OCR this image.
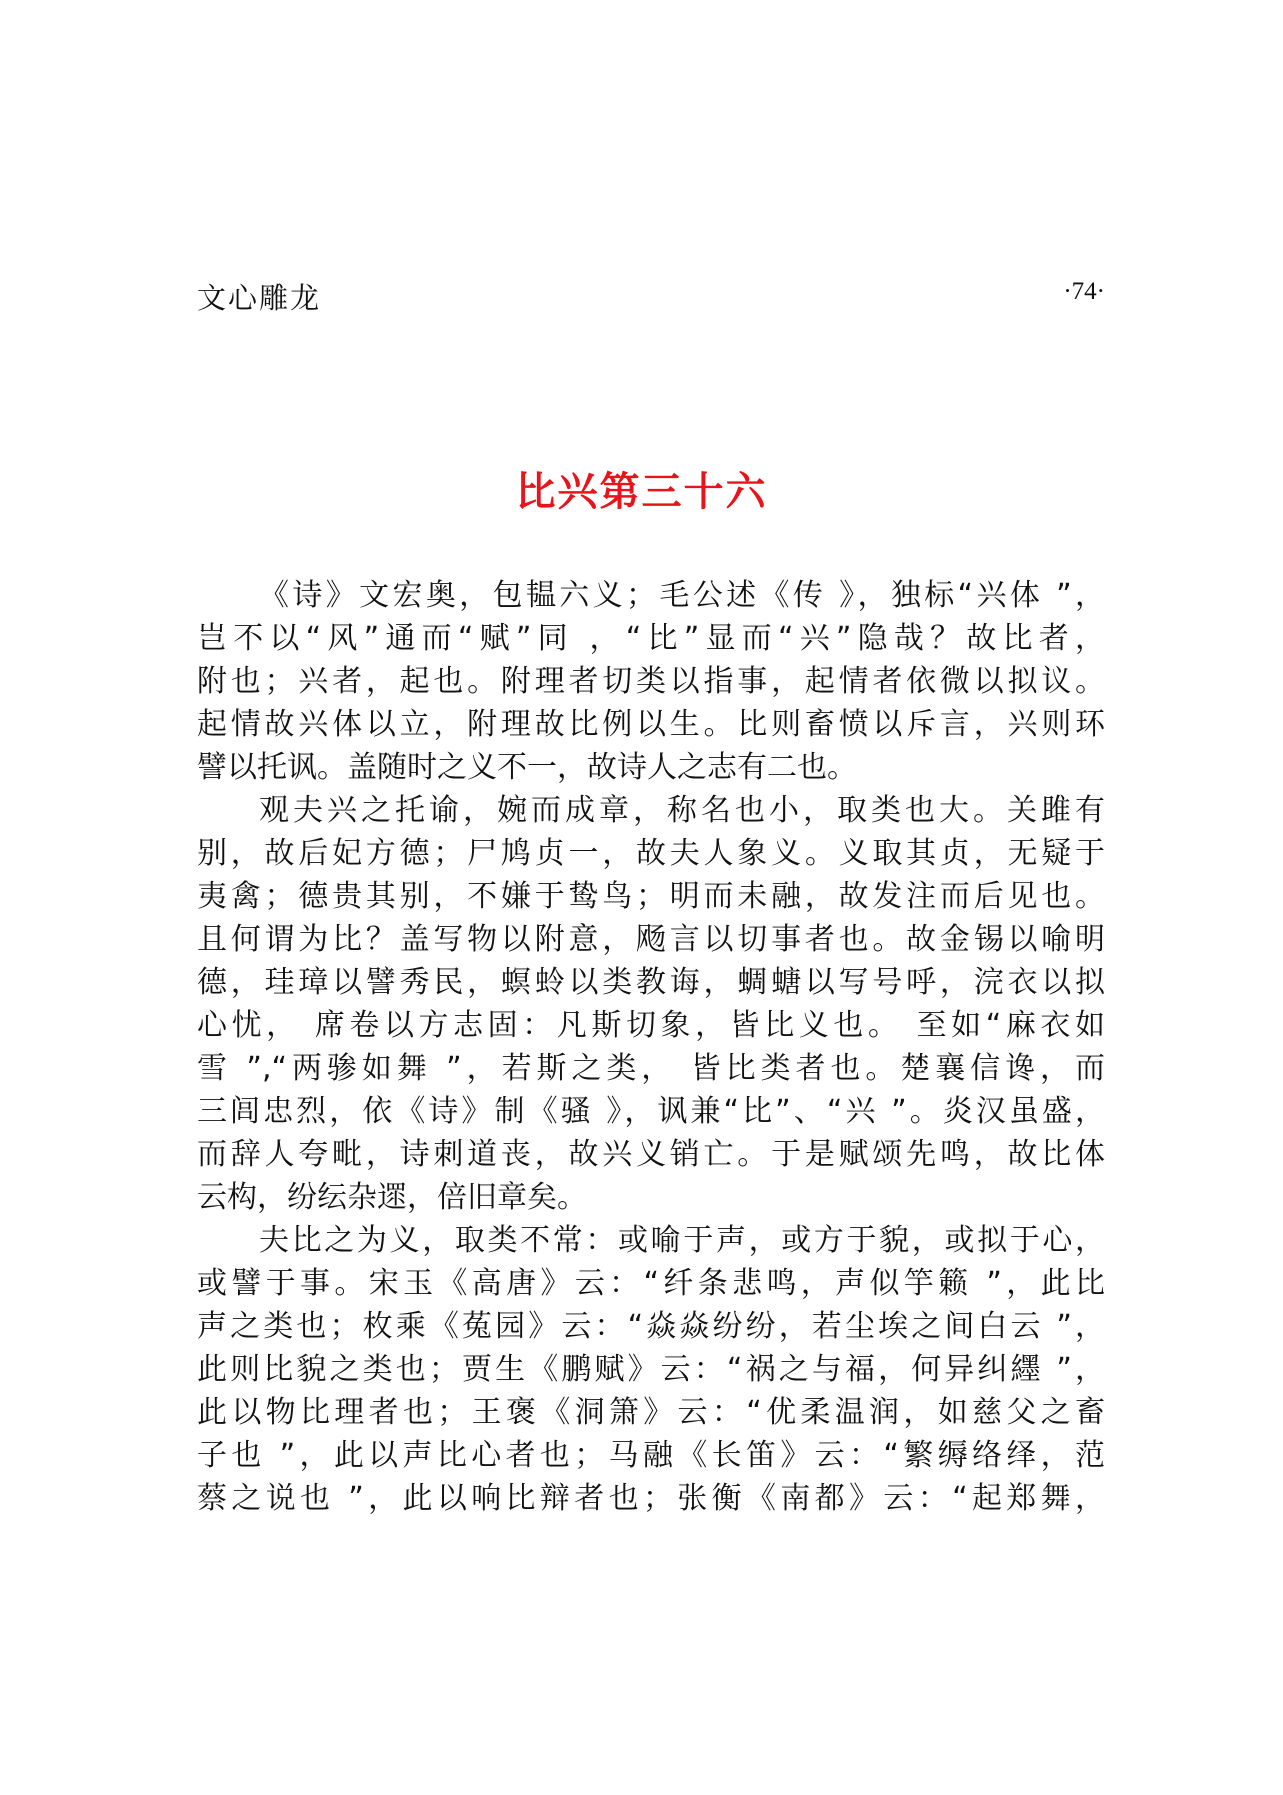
文心雕龙	·74·
比兴第三十六
《诗》文宏奥，包韫六义；毛公述《传 》，独标“兴体 ”，
岂不以“风”通而“赋”同 ，“比”显而“兴”隐哉？故比者，
附也；兴者，起也。附理者切类以指事，起情者依微以拟议。
起情故兴体以立，附理故比例以生。比则畜愤以斥言，兴则环
譬以托讽。盖随时之义不一，故诗人之志有二也。
观夫兴之托谕，婉而成章，称名也小，取类也大。关雎有
别，故后妃方德；尸鸠贞一，故夫人象义。义取其贞，无疑于
夷禽；德贵其别，不嫌于鸷鸟；明而未融，故发注而后见也。
且何谓为比？盖写物以附意，飏言以切事者也。故金锡以喻明
德，珪璋以譬秀民，螟蛉以类教诲，蜩螗以写号呼，浣衣以拟
心忧， 席卷以方志固：凡斯切象，皆比义也。 至如“麻衣如
雪 ”,“两骖如舞 ”，若斯之类， 皆比类者也。楚襄信谗，而
三闾忠烈，依《诗》制《骚 》，讽兼“比”、“兴 ”。炎汉虽盛，
而辞人夸毗，诗刺道丧，故兴义销亡。于是赋颂先鸣，故比体
云构，纷纭杂遝，倍旧章矣。
夫比之为义，取类不常：或喻于声，或方于貌，或拟于心，
或譬于事。宋玉《高唐》云：“纤条悲鸣，声似竽籁 ”，此比
声之类也；枚乘《菟园》云：“焱焱纷纷，若尘埃之间白云 ”，
此则比貌之类也；贾生《鹏赋》云：“祸之与福，何异纠纆 ”，
此以物比理者也；王褒《洞箫》云：“优柔温润，如慈父之畜
子也 ”，此以声比心者也；马融《长笛》云：“繁缛络绎，范
蔡之说也 ”，此以响比辩者也；张衡《南都》云：“起郑舞，
